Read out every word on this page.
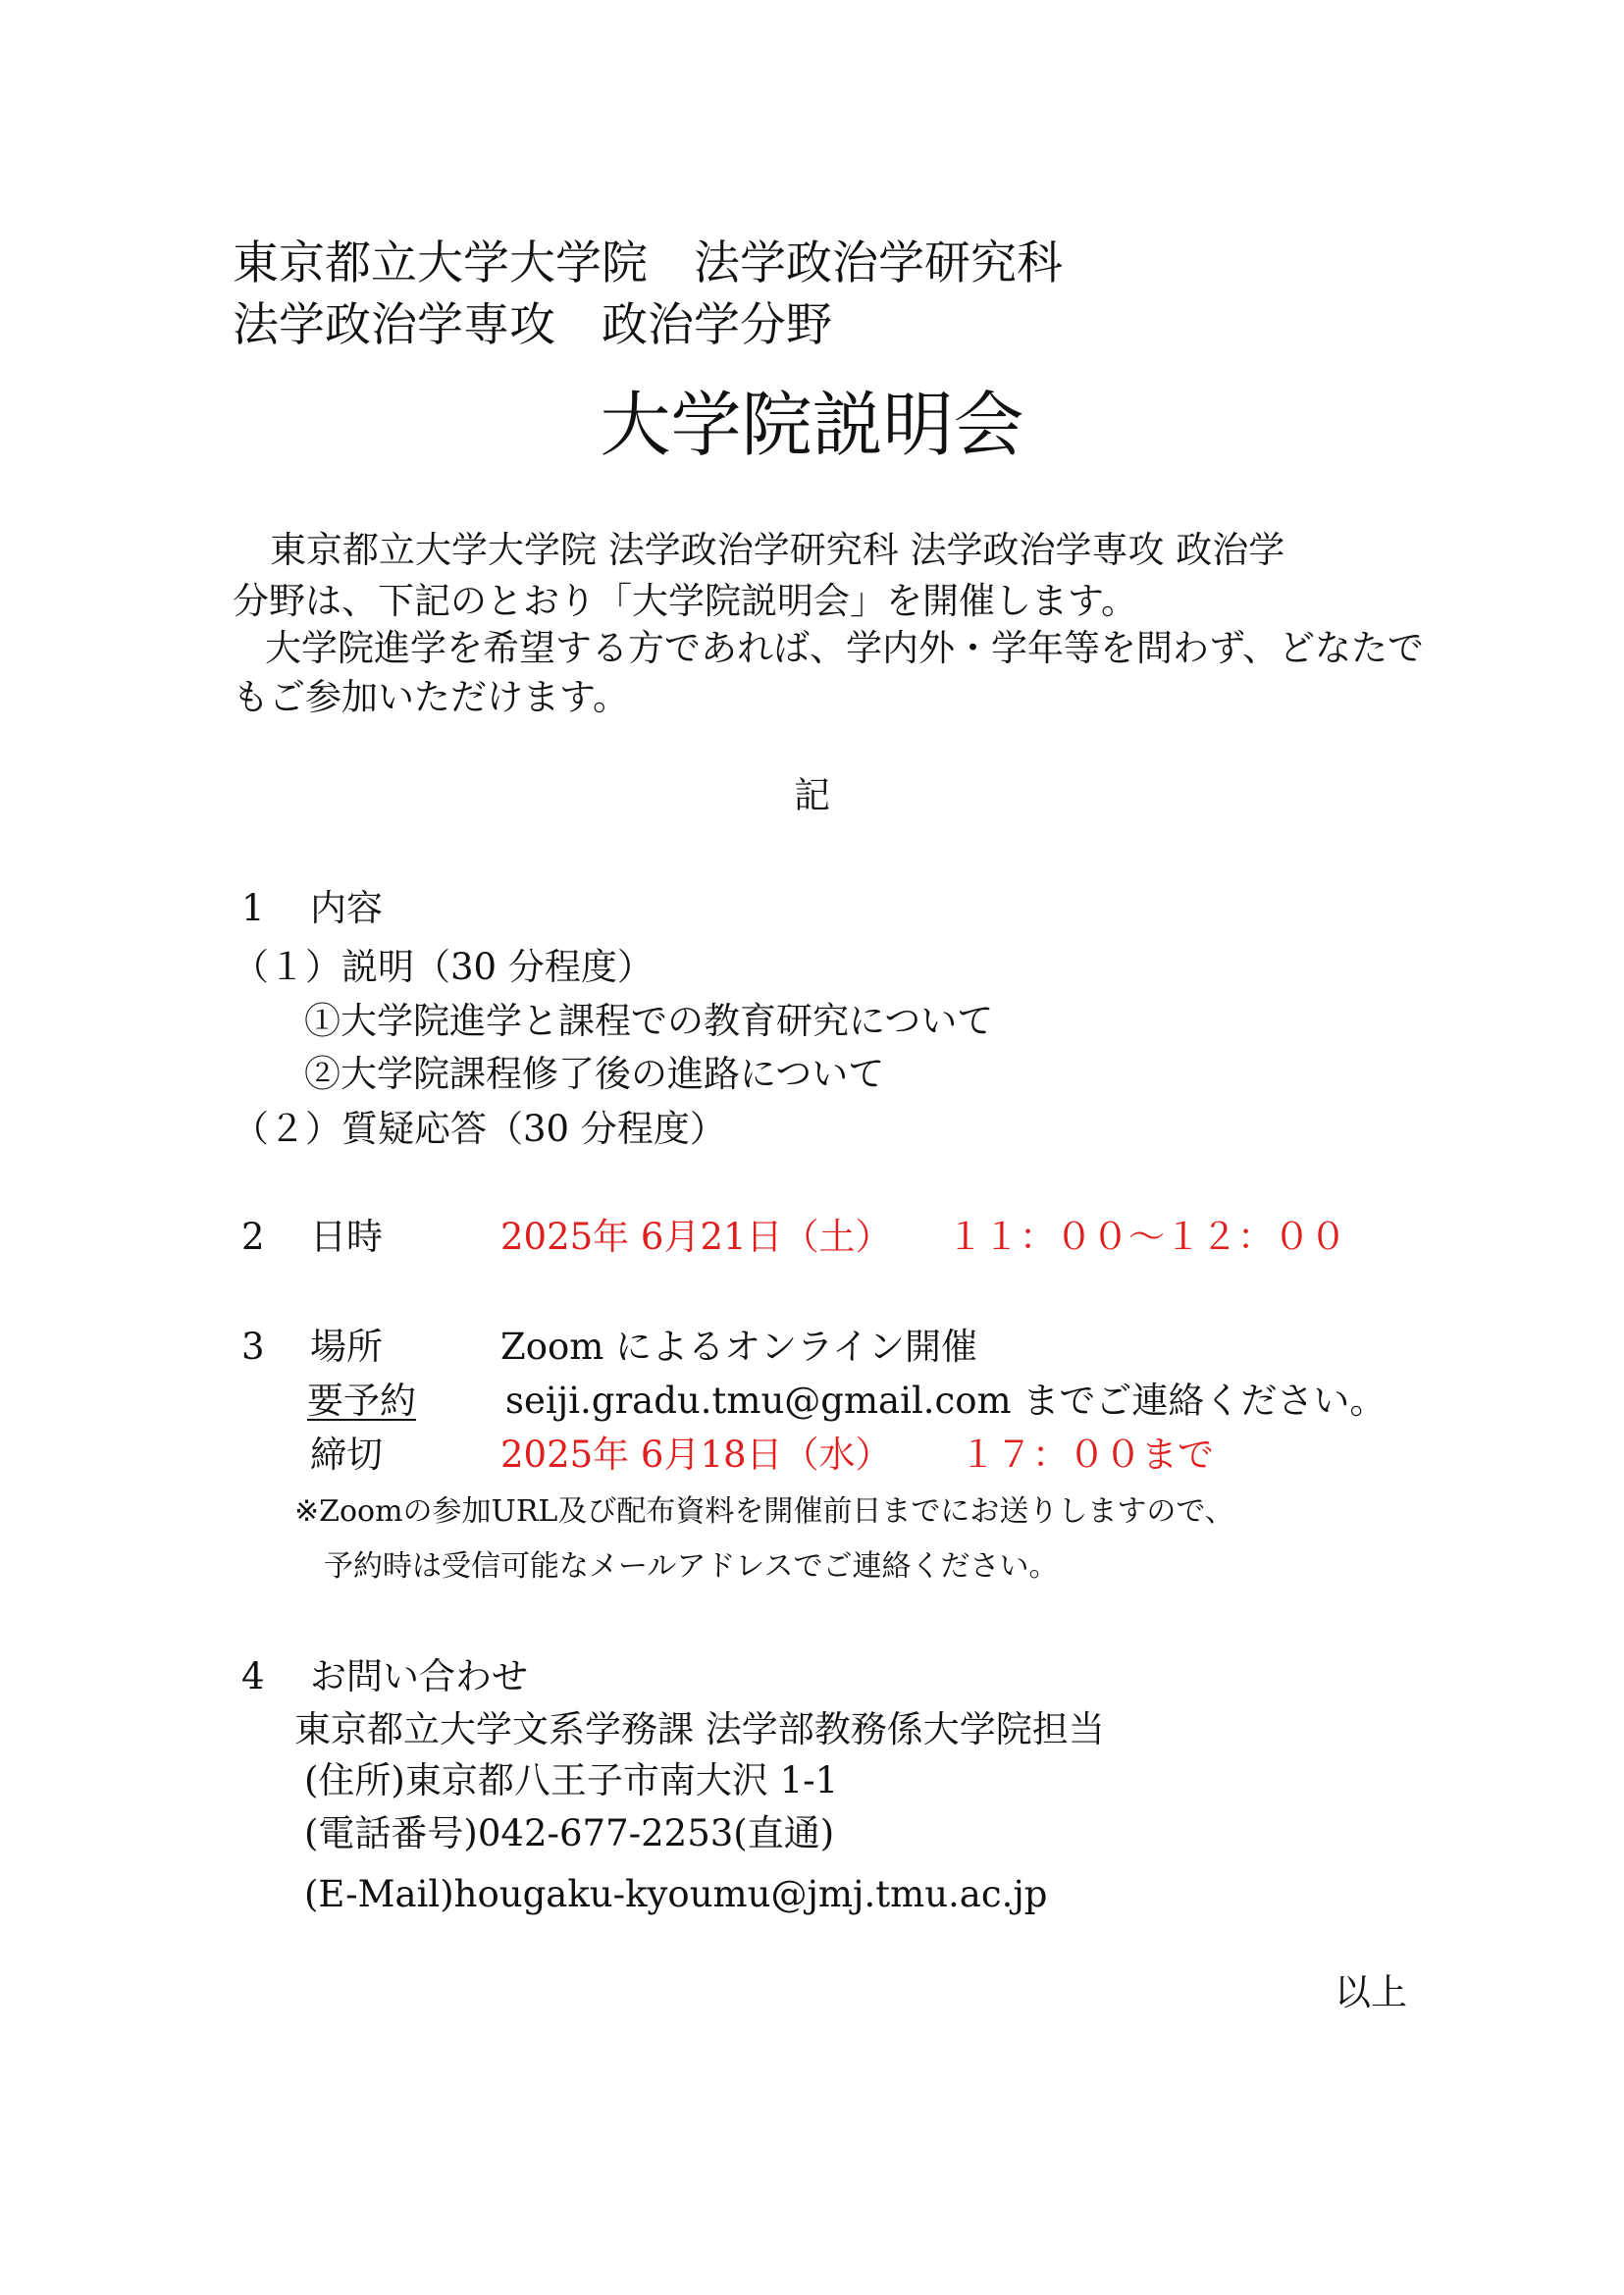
東京都立大学大学院　法学政治学研究科
法学政治学専攻　政治学分野
大学院説明会
東京都立大学大学院 法学政治学研究科 法学政治学専攻 政治学
分野は、下記のとおり「大学院説明会」を開催します。
大学院進学を希望する方であれば、学内外・学年等を問わず、どなたで
もご参加いただけます。
記
1 内容
（１）説明（30 分程度）
①大学院進学と課程での教育研究について
②大学院課程修了後の進路について
（２）質疑応答（30 分程度）
2 日時	2025年 6月21日（土） １１：００～１２：００
3 場所	Zoom によるオンライン開催
要予約 seiji.gradu.tmu@gmail.com までご連絡ください。
締切	2025年 6月18日（水） １７：００まで
※Zoomの参加URL及び配布資料を開催前日までにお送りしますので、
予約時は受信可能なメールアドレスでご連絡ください。
4 お問い合わせ
東京都立大学文系学務課 法学部教務係大学院担当
(住所)東京都八王子市南大沢 1-1
(電話番号)042-677-2253(直通)
(E-Mail)hougaku-kyoumu@jmj.tmu.ac.jp
以上
